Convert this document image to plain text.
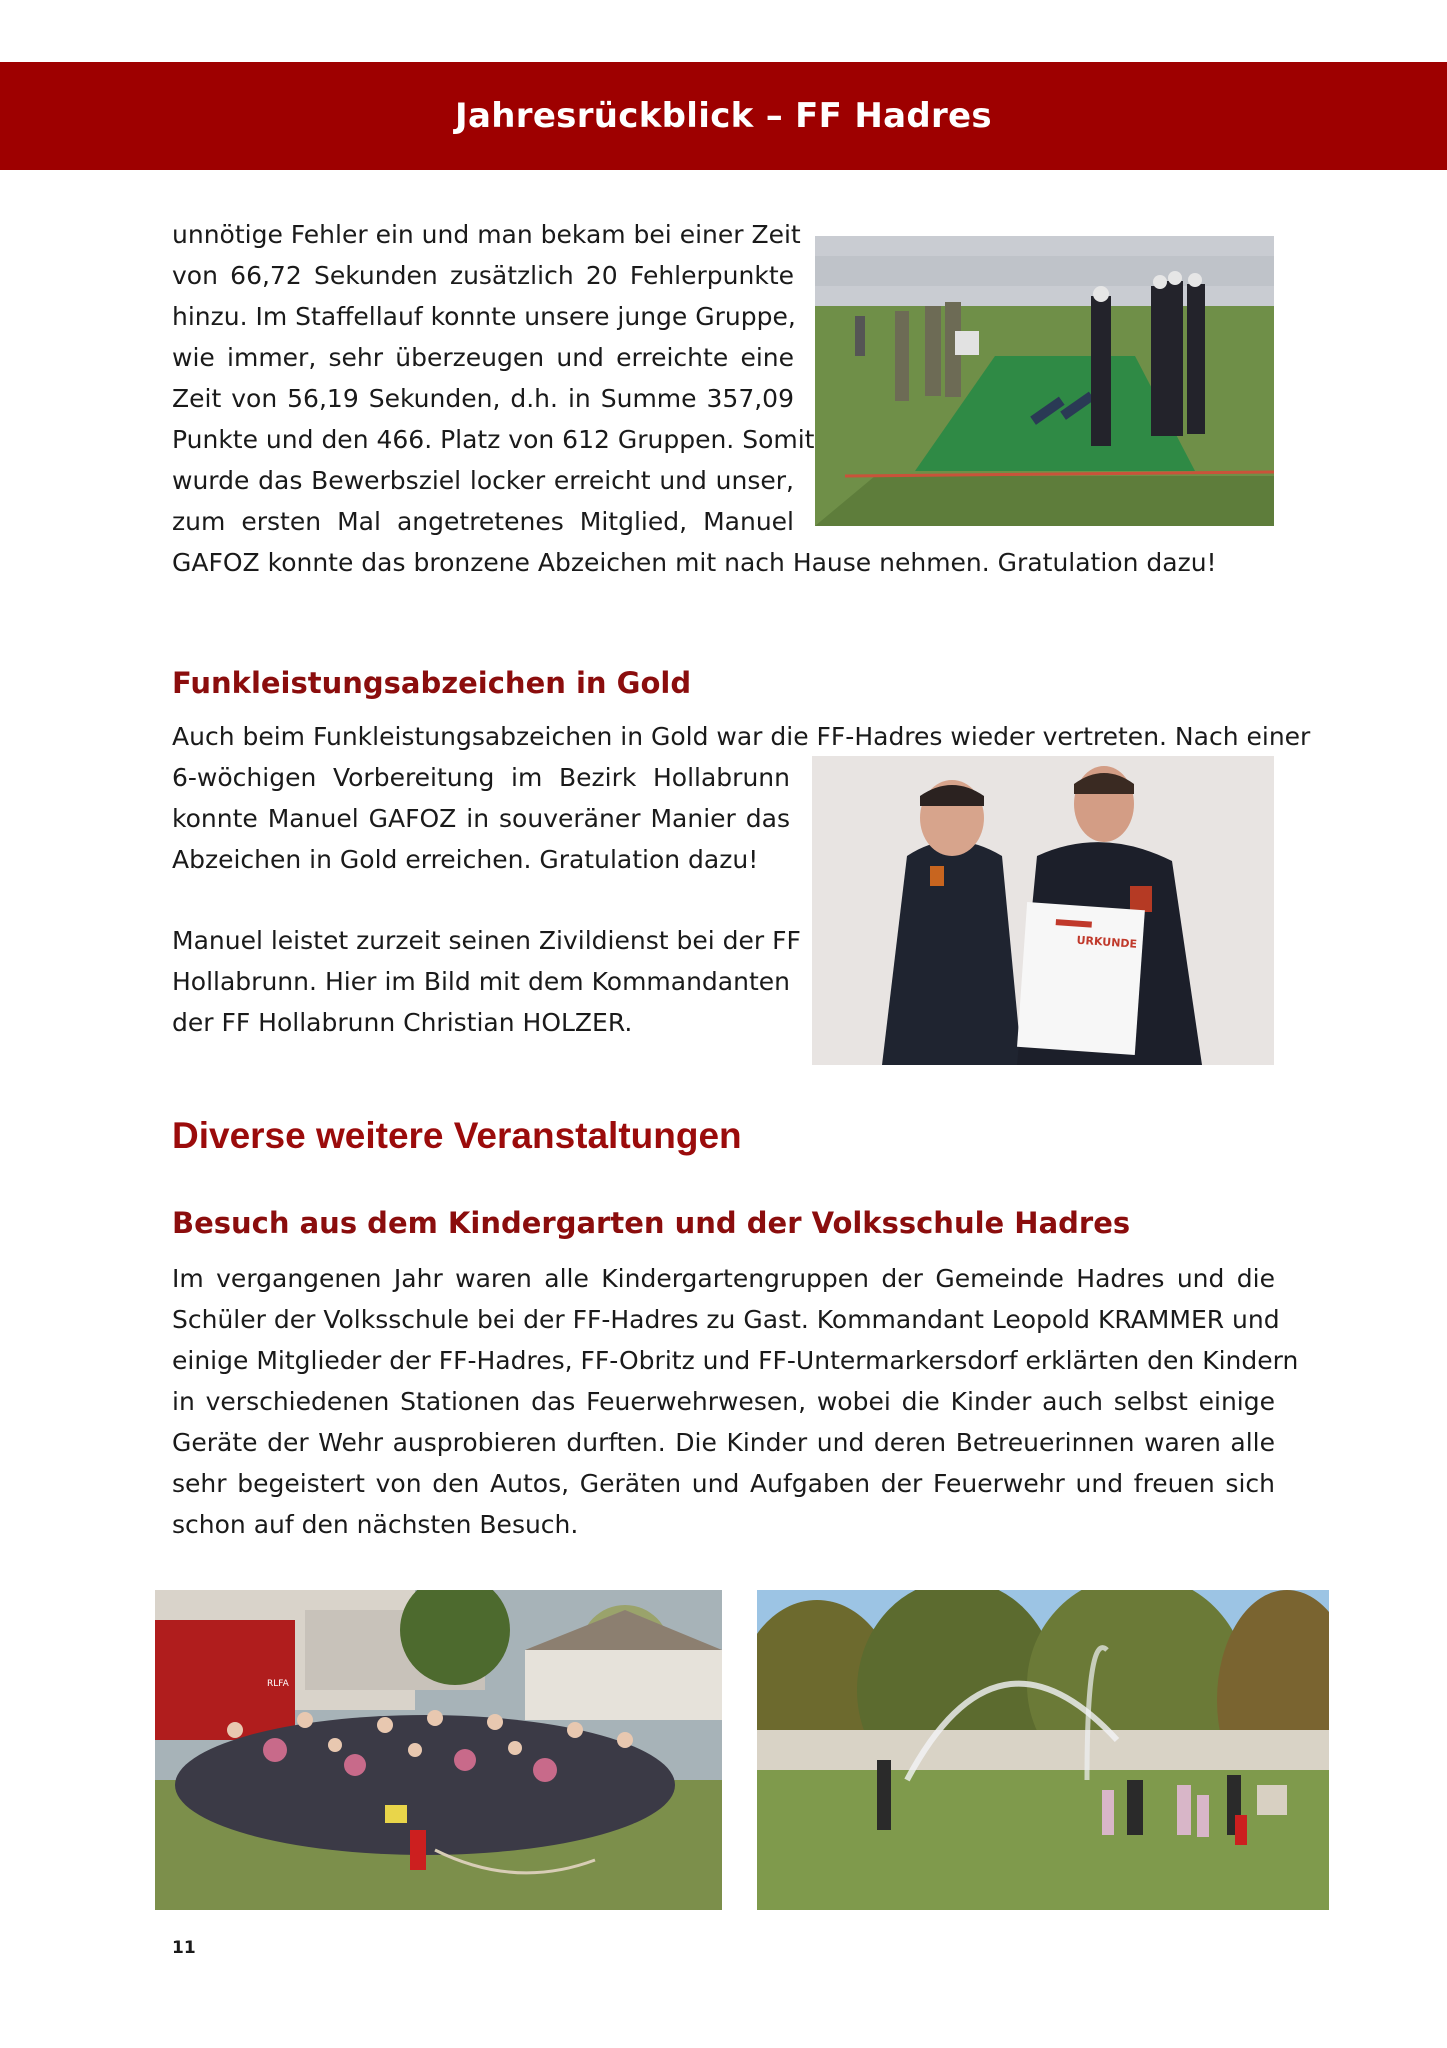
Jahresrückblick – FF Hadres
unnötige Fehler ein und man bekam bei einer Zeit
von 66,72 Sekunden zusätzlich 20 Fehlerpunkte
hinzu. Im Staffellauf konnte unsere junge Gruppe,
wie immer, sehr überzeugen und erreichte eine
Zeit von 56,19 Sekunden, d.h. in Summe 357,09
Punkte und den 466. Platz von 612 Gruppen. Somit
wurde das Bewerbsziel locker erreicht und unser,
zum ersten Mal angetretenes Mitglied, Manuel
GAFOZ konnte das bronzene Abzeichen mit nach Hause nehmen. Gratulation dazu!
Funkleistungsabzeichen in Gold
Auch beim Funkleistungsabzeichen in Gold war die FF-Hadres wieder vertreten. Nach einer
6-wöchigen Vorbereitung im Bezirk Hollabrunn
konnte Manuel GAFOZ in souveräner Manier das
Abzeichen in Gold erreichen. Gratulation dazu!
Manuel leistet zurzeit seinen Zivildienst bei der FF
Hollabrunn. Hier im Bild mit dem Kommandanten
der FF Hollabrunn Christian HOLZER.
URKUNDE
Diverse weitere Veranstaltungen
Besuch aus dem Kindergarten und der Volksschule Hadres
Im vergangenen Jahr waren alle Kindergartengruppen der Gemeinde Hadres und die
Schüler der Volksschule bei der FF-Hadres zu Gast. Kommandant Leopold KRAMMER und
einige Mitglieder der FF-Hadres, FF-Obritz und FF-Untermarkersdorf erklärten den Kindern
in verschiedenen Stationen das Feuerwehrwesen, wobei die Kinder auch selbst einige
Geräte der Wehr ausprobieren durften. Die Kinder und deren Betreuerinnen waren alle
sehr begeistert von den Autos, Geräten und Aufgaben der Feuerwehr und freuen sich
schon auf den nächsten Besuch.
RLFA
11
